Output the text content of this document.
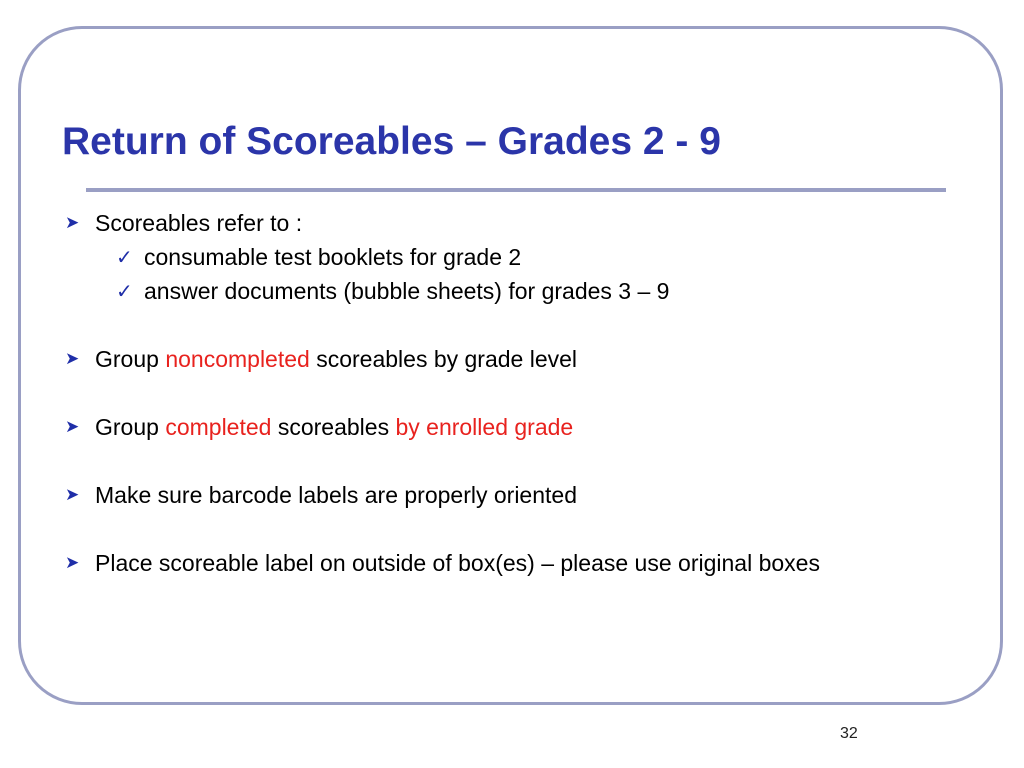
Return of Scoreables – Grades 2 - 9
➤ Scoreables refer to :
✓ consumable test booklets for grade 2
✓ answer documents (bubble sheets) for grades 3 – 9
➤ Group noncompleted scoreables by grade level
➤ Group completed scoreables by enrolled grade
➤ Make sure barcode labels are properly oriented
➤ Place scoreable label on outside of box(es) – please use original boxes
32
